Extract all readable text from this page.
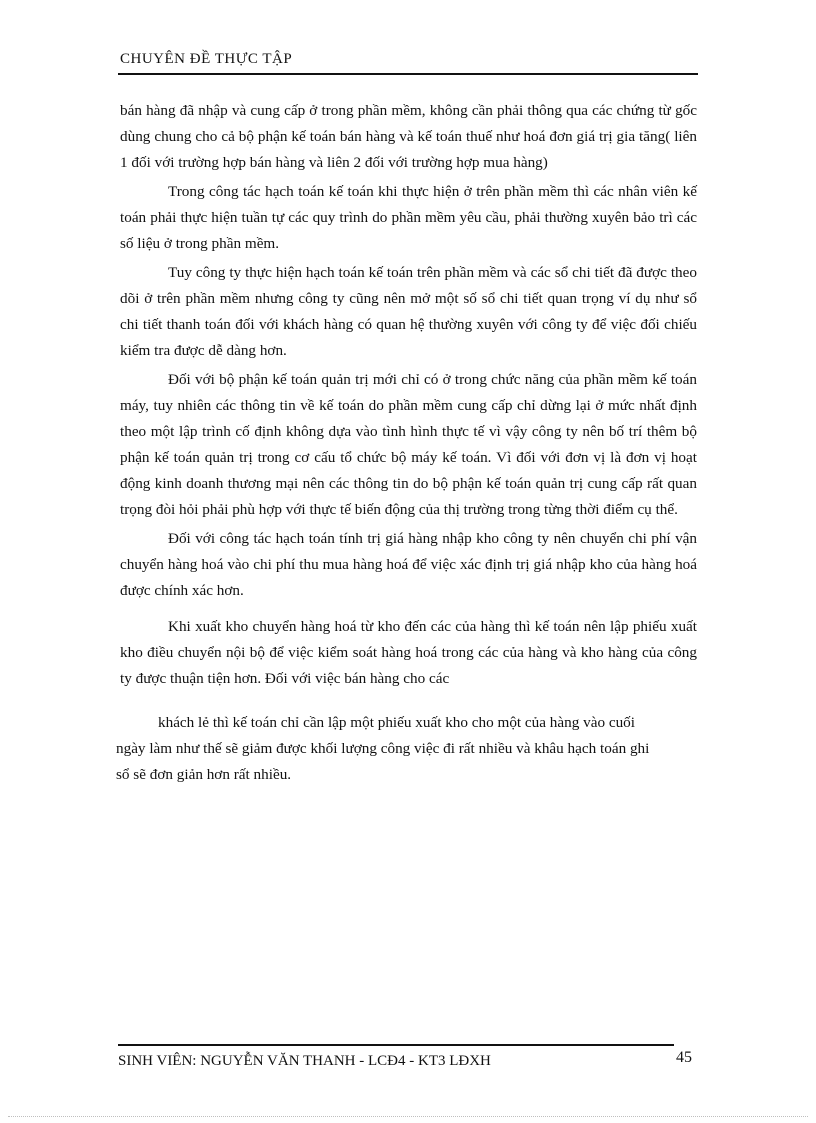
CHUYÊN ĐỀ THỰC TẬP

bán hàng đã nhập và cung cấp ở trong phần mềm, không cần phải thông qua các chứng từ gốc dùng chung cho cả bộ phận kế toán bán hàng và kế toán thuế như hoá đơn giá trị gia tăng( liên 1 đối với trường hợp bán hàng và liên 2 đối với trường hợp mua hàng)

Trong công tác hạch toán kế toán khi thực hiện ở trên phần mềm thì các nhân viên kế toán phải thực hiện tuần tự các quy trình do phần mềm yêu cầu, phải thường xuyên bảo trì các số liệu ở trong phần mềm.

Tuy công ty thực hiện hạch toán kế toán trên phần mềm và các sổ chi tiết đã được theo dõi ở trên phần mềm nhưng công ty cũng nên mở một số sổ chi tiết quan trọng ví dụ như sổ chi tiết thanh toán đối với khách hàng có quan hệ thường xuyên với công ty để việc đối chiếu kiểm tra được dễ dàng hơn.

Đối với bộ phận kế toán quản trị mới chỉ có ở trong chức năng của phần mềm kế toán máy, tuy nhiên các thông tin về kế toán do phần mềm cung cấp chỉ dừng lại ở mức nhất định theo một lập trình cố định không dựa vào tình hình thực tế vì vậy công ty nên bố trí thêm bộ phận kế toán quản trị trong cơ cấu tổ chức bộ máy kế toán. Vì đối với đơn vị là đơn vị hoạt động kinh doanh thương mại nên các thông tin do bộ phận kế toán quản trị cung cấp rất quan trọng đòi hỏi phải phù hợp với thực tế biến động của thị trường trong từng thời điểm cụ thể.

Đối với công tác hạch toán tính trị giá hàng nhập kho công ty nên chuyển chi phí vận chuyển hàng hoá vào chi phí thu mua hàng hoá để việc xác định trị giá nhập kho của hàng hoá được chính xác hơn.

Khi xuất kho chuyển hàng hoá từ kho đến các của hàng thì kế toán nên lập phiếu xuất kho điều chuyển nội bộ để việc kiểm soát hàng hoá trong các của hàng và kho hàng của công ty được thuận tiện hơn. Đối với việc bán hàng cho các

khách lẻ thì kế toán chỉ cần lập một phiếu xuất kho cho một của hàng vào cuối ngày làm như thế sẽ giảm được khối lượng công việc đi rất nhiều và khâu hạch toán ghi sổ sẽ đơn giản hơn rất nhiều.

SINH VIÊN: NGUYỄN VĂN THANH - LCĐ4 - KT3 LĐXH	45
